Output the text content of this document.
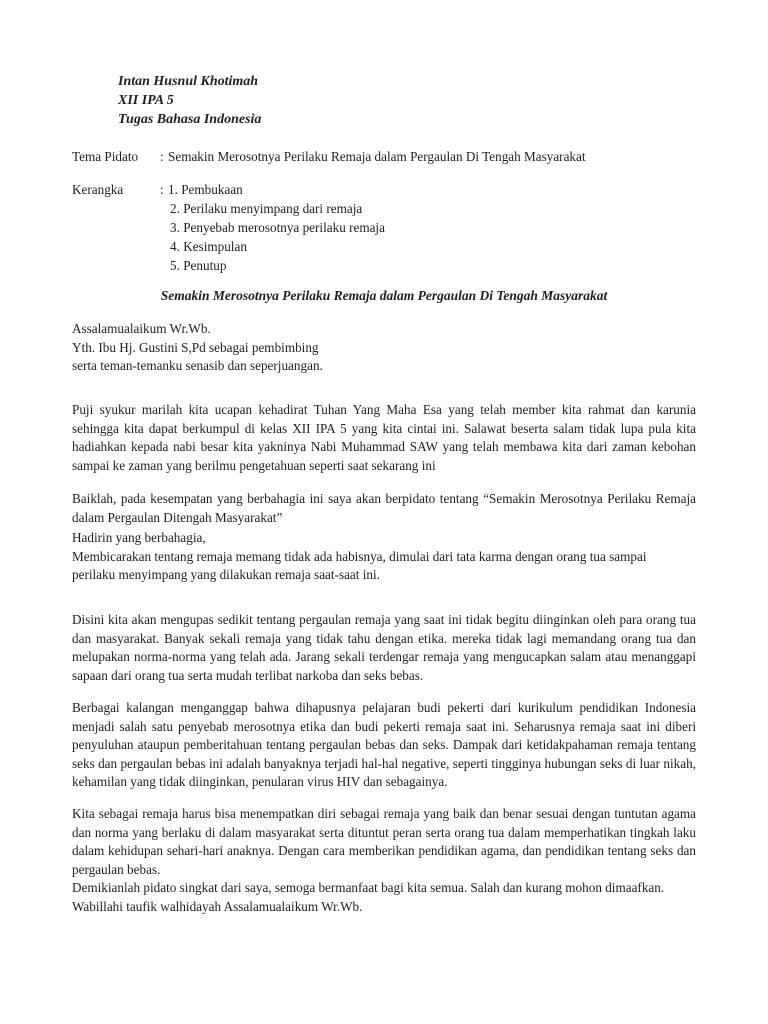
Intan Husnul Khotimah
XII IPA 5
Tugas Bahasa Indonesia
Tema Pidato : Semakin Merosotnya Perilaku Remaja dalam Pergaulan Di Tengah Masyarakat
Kerangka	: 1. Pembukaan
2. Perilaku menyimpang dari remaja
3. Penyebab merosotnya perilaku remaja
4. Kesimpulan
5. Penutup
Semakin Merosotnya Perilaku Remaja dalam Pergaulan Di Tengah Masyarakat
Assalamualaikum Wr.Wb.
Yth. Ibu Hj. Gustini S,Pd sebagai pembimbing
serta teman-temanku senasib dan seperjuangan.

Puji syukur marilah kita ucapan kehadirat Tuhan Yang Maha Esa yang telah member kita rahmat dan karunia sehingga kita dapat berkumpul di kelas XII IPA 5 yang kita cintai ini. Salawat beserta salam tidak lupa pula kita hadiahkan kepada nabi besar kita yakninya Nabi Muhammad SAW yang telah membawa kita dari zaman kebohan sampai ke zaman yang berilmu pengetahuan seperti saat sekarang ini

Baiklah, pada kesempatan yang berbahagia ini saya akan berpidato tentang “Semakin Merosotnya Perilaku Remaja dalam Pergaulan Ditengah Masyarakat”

Hadirin yang berbahagia,
Membicarakan tentang remaja memang tidak ada habisnya, dimulai dari tata karma dengan orang tua sampai
perilaku menyimpang yang dilakukan remaja saat-saat ini.

Disini kita akan mengupas sedikit tentang pergaulan remaja yang saat ini tidak begitu diinginkan oleh para orang tua dan masyarakat. Banyak sekali remaja yang tidak tahu dengan etika. mereka tidak lagi memandang orang tua dan melupakan norma-norma yang telah ada. Jarang sekali terdengar remaja yang mengucapkan salam atau menanggapi sapaan dari orang tua serta mudah terlibat narkoba dan seks bebas.

Berbagai kalangan menganggap bahwa dihapusnya pelajaran budi pekerti dari kurikulum pendidikan Indonesia menjadi salah satu penyebab merosotnya etika dan budi pekerti remaja saat ini. Seharusnya remaja saat ini diberi penyuluhan ataupun pemberitahuan tentang pergaulan bebas dan seks. Dampak dari ketidakpahaman remaja tentang seks dan pergaulan bebas ini adalah banyaknya terjadi hal-hal negative, seperti tingginya hubungan seks di luar nikah, kehamilan yang tidak diinginkan, penularan virus HIV dan sebagainya.

Kita sebagai remaja harus bisa menempatkan diri sebagai remaja yang baik dan benar sesuai dengan tuntutan agama dan norma yang berlaku di dalam masyarakat serta dituntut peran serta orang tua dalam memperhatikan tingkah laku dalam kehidupan sehari-hari anaknya. Dengan cara memberikan pendidikan agama, dan pendidikan tentang seks dan pergaulan bebas.

Demikianlah pidato singkat dari saya, semoga bermanfaat bagi kita semua. Salah dan kurang mohon dimaafkan.
Wabillahi taufik walhidayah Assalamualaikum Wr.Wb.
